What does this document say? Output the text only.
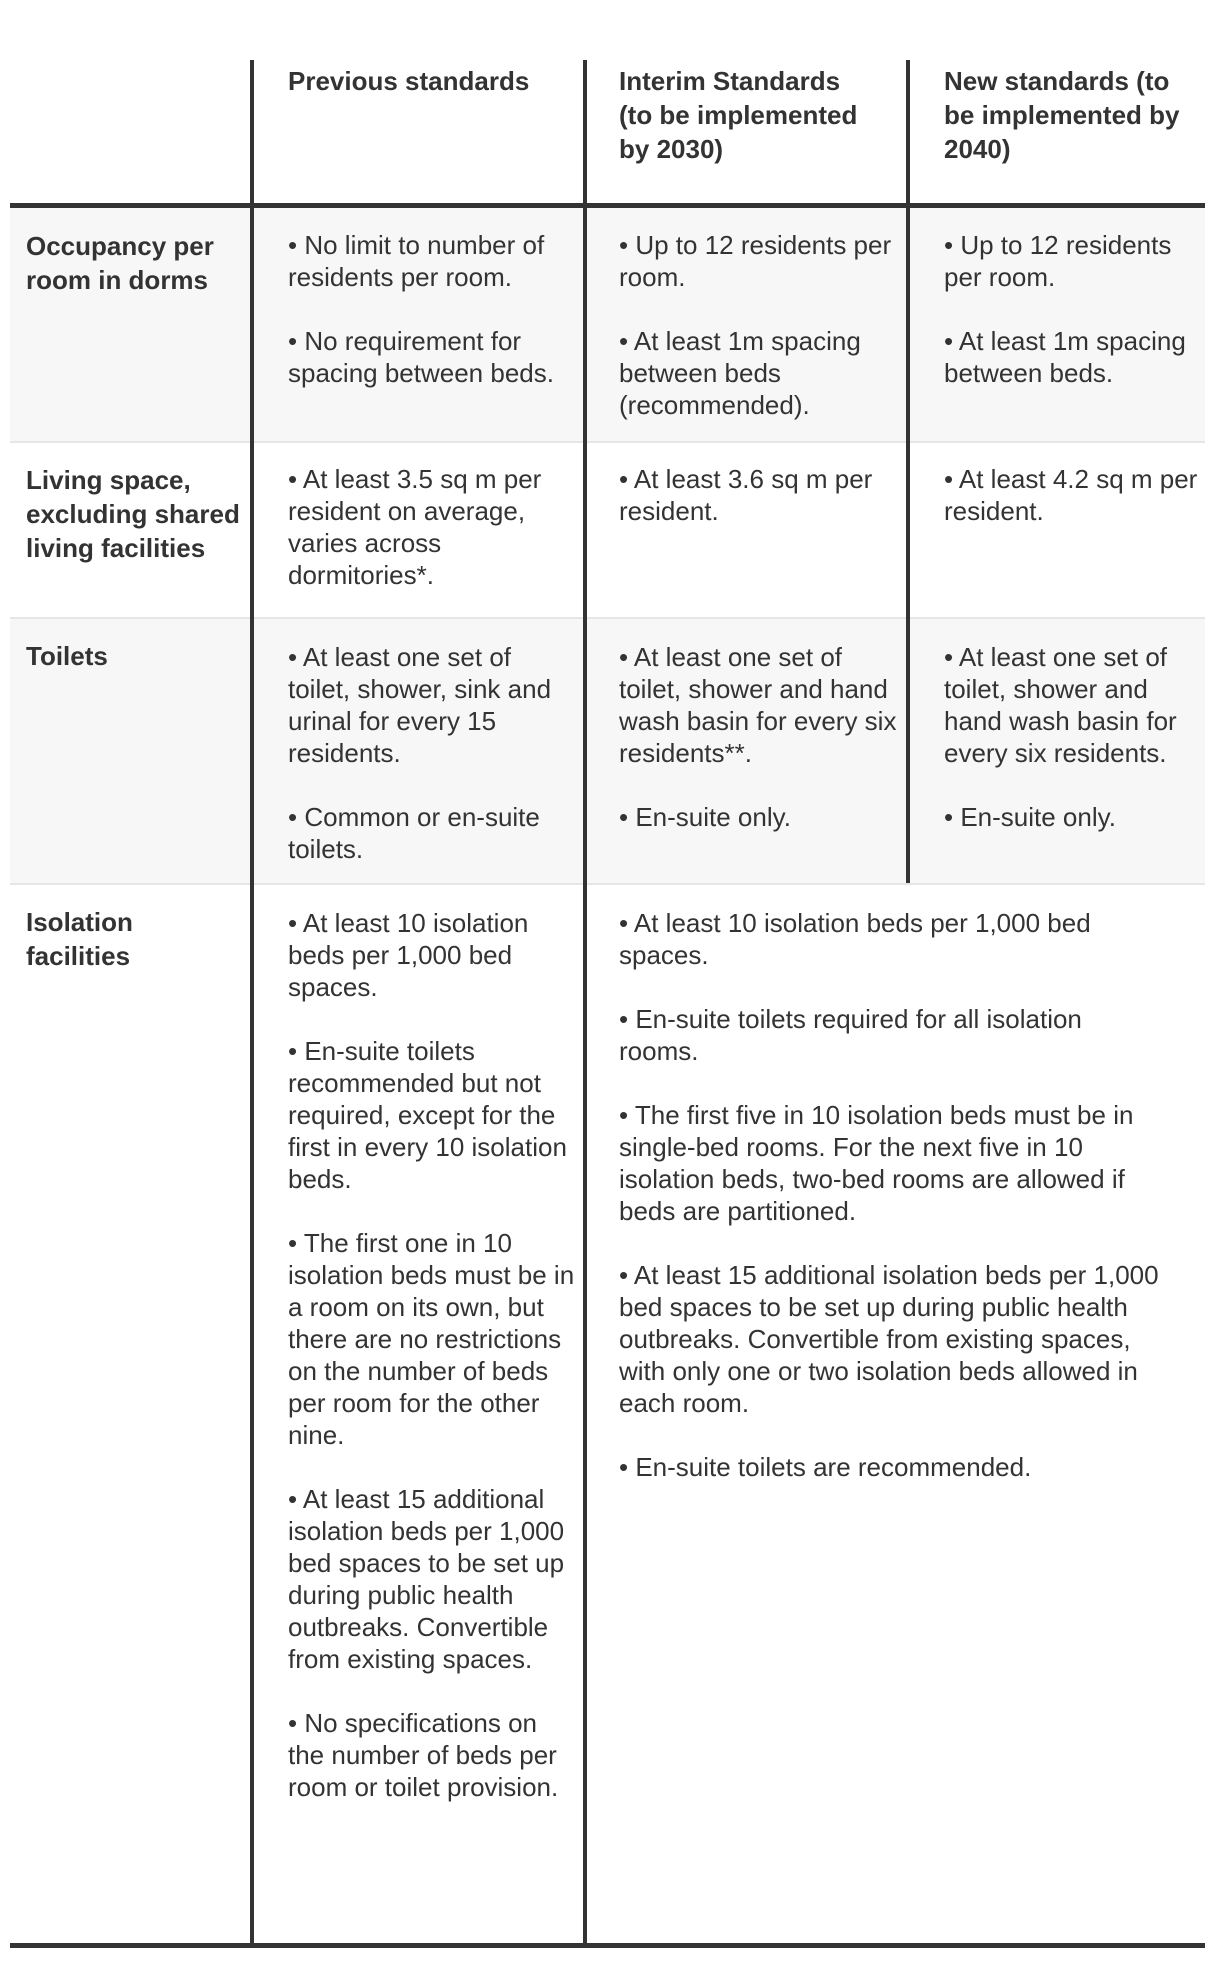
Previous standards	Interim Standards (to be implemented by 2030)
New standards (to be implemented by 2040)
Occupancy per room in dorms

• No limit to number of residents per room.

• No requirement for spacing between beds.

• Up to 12 residents per room.

• At least 1m spacing between beds (recommended).

• Up to 12 residents per room.

• At least 1m spacing between beds.

Living space, excluding shared living facilities

• At least 3.5 sq m per resident on average, varies across dormitories*.

• At least 3.6 sq m per resident.

• At least 4.2 sq m per resident.

Toilets	• At least one set of toilet, shower, sink and urinal for every 15 residents.

• Common or en-suite toilets.

• At least one set of toilet, shower and hand wash basin for every six residents**.

• En-suite only.

• At least one set of toilet, shower and hand wash basin for every six residents.

• En-suite only.

Isolation facilities

• At least 10 isolation beds per 1,000 bed spaces.

• En-suite toilets recommended but not required, except for the first in every 10 isolation beds.

• The first one in 10 isolation beds must be in a room on its own, but there are no restrictions on the number of beds per room for the other nine.

• At least 15 additional isolation beds per 1,000 bed spaces to be set up during public health outbreaks. Convertible from existing spaces.

• No specifications on the number of beds per room or toilet provision.

• At least 10 isolation beds per 1,000 bed spaces.

• En-suite toilets required for all isolation rooms.

• The first five in 10 isolation beds must be in single-bed rooms. For the next five in 10 isolation beds, two-bed rooms are allowed if beds are partitioned.

• At least 15 additional isolation beds per 1,000 bed spaces to be set up during public health outbreaks. Convertible from existing spaces, with only one or two isolation beds allowed in each room.

• En-suite toilets are recommended.
